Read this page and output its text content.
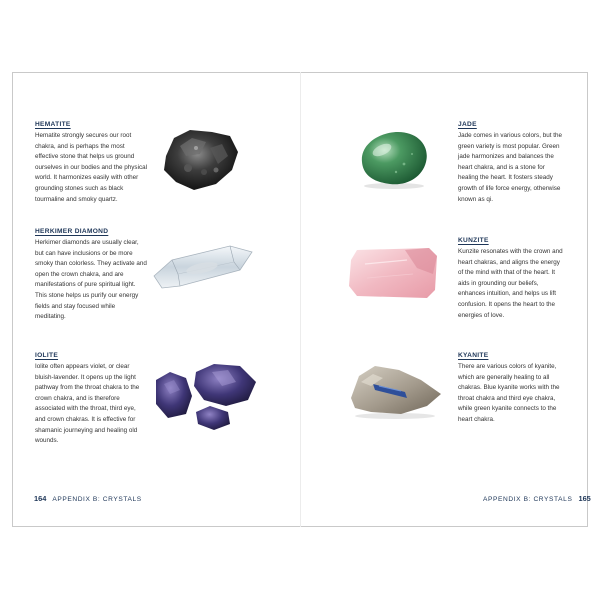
HEMATITE

Hematite strongly secures our root chakra, and is perhaps the most effective stone that helps us ground ourselves in our bodies and the physical world. It harmonizes easily with other grounding stones such as black tourmaline and smoky quartz.

HERKIMER DIAMOND

Herkimer diamonds are usually clear, but can have inclusions or be more smoky than colorless. They activate and open the crown chakra, and are manifestations of pure spiritual light. This stone helps us purify our energy fields and stay focused while meditating.

IOLITE

Iolite often appears violet, or clear bluish-lavender. It opens up the light pathway from the throat chakra to the crown chakra, and is therefore associated with the throat, third eye, and crown chakras. It is effective for shamanic journeying and healing old wounds.

164 APPENDIX B: CRYSTALS
JADE

Jade comes in various colors, but the green variety is most popular. Green jade harmonizes and balances the heart chakra, and is a stone for healing the heart. It fosters steady growth of life force energy, otherwise known as qi.

KUNZITE

Kunzite resonates with the crown and heart chakras, and aligns the energy of the mind with that of the heart. It aids in grounding our beliefs, enhances intuition, and helps us lift confusion. It opens the heart to the energies of love.

KYANITE

There are various colors of kyanite, which are generally healing to all chakras. Blue kyanite works with the throat chakra and third eye chakra, while green kyanite connects to the heart chakra.

APPENDIX B: CRYSTALS 165
